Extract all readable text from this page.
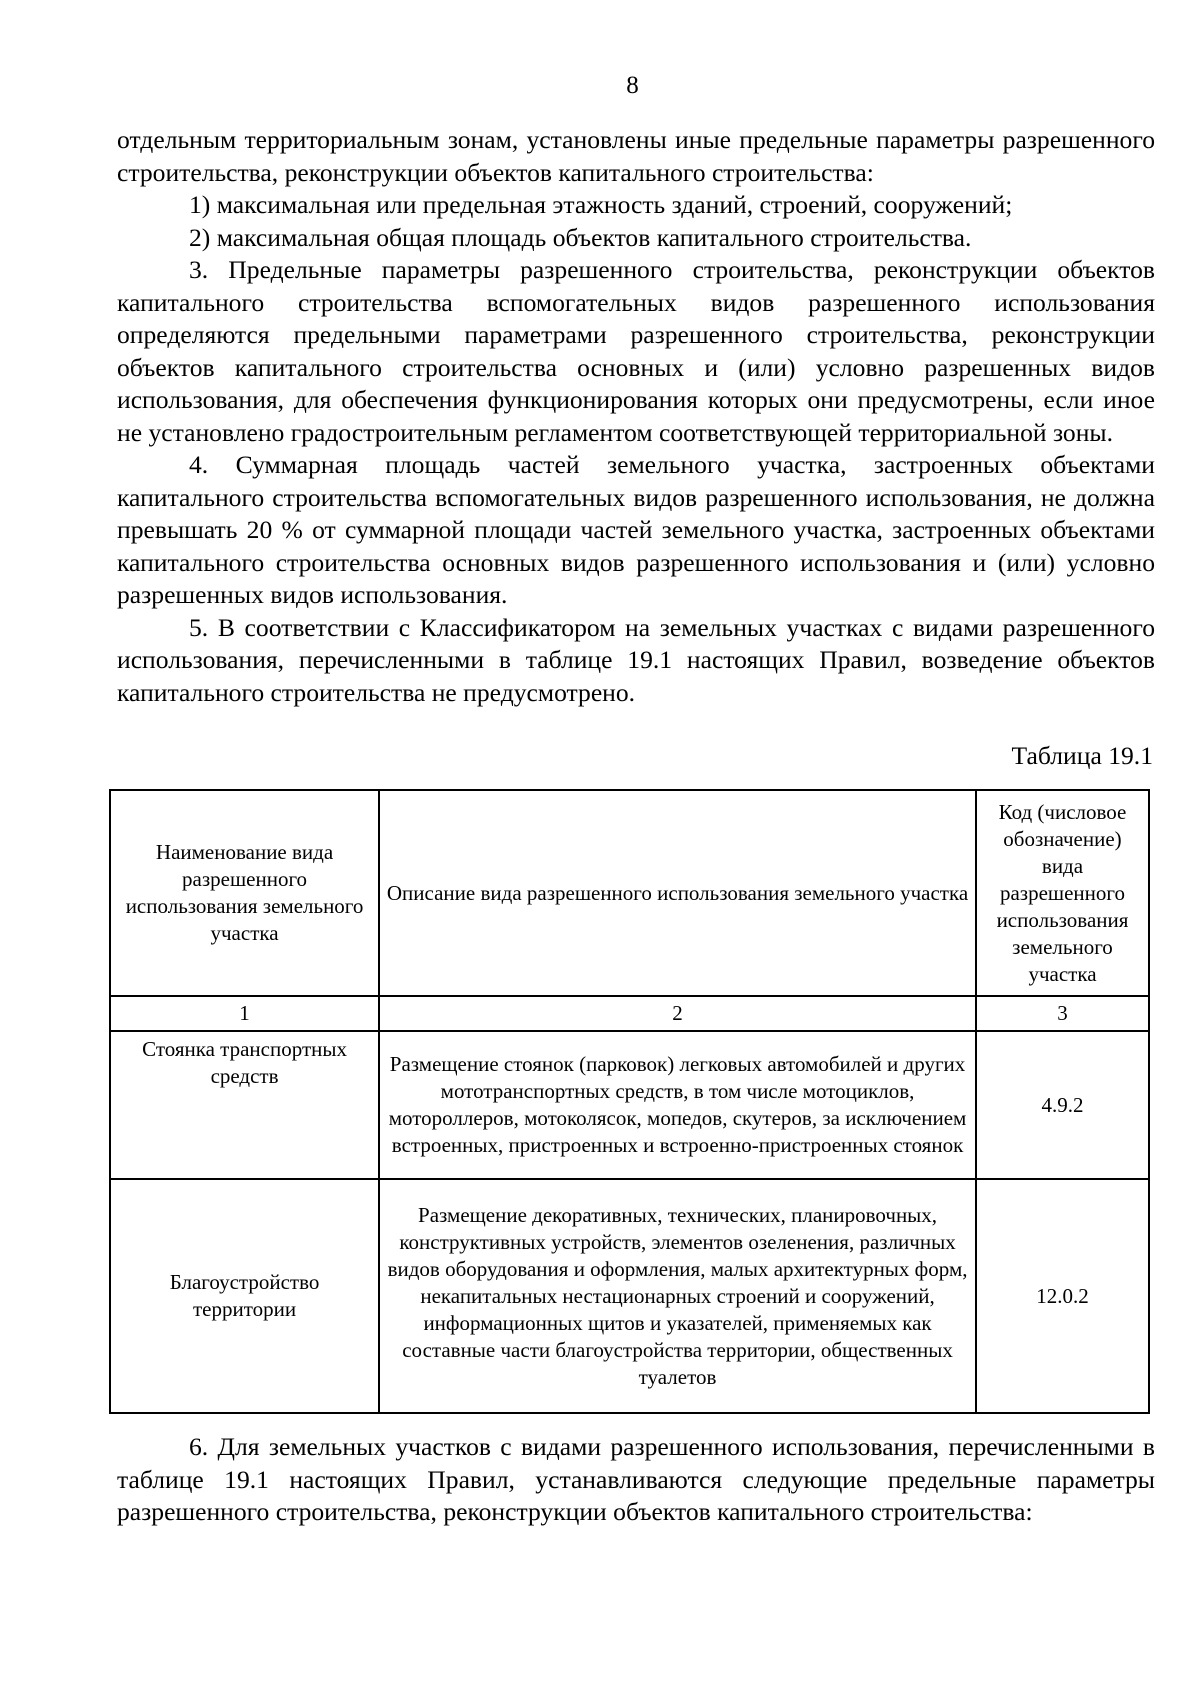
8

отдельным территориальным зонам, установлены иные предельные параметры разрешенного строительства, реконструкции объектов капитального строительства:

1) максимальная или предельная этажность зданий, строений, сооружений;

2) максимальная общая площадь объектов капитального строительства.

3. Предельные параметры разрешенного строительства, реконструкции объектов капитального строительства вспомогательных видов разрешенного использования определяются предельными параметрами разрешенного строительства, реконструкции объектов капитального строительства основных и (или) условно разрешенных видов использования, для обеспечения функционирования которых они предусмотрены, если иное не установлено градостроительным регламентом соответствующей территориальной зоны.

4. Суммарная площадь частей земельного участка, застроенных объектами капитального строительства вспомогательных видов разрешенного использования, не должна превышать 20 % от суммарной площади частей земельного участка, застроенных объектами капитального строительства основных видов разрешенного использования и (или) условно разрешенных видов использования.

5. В соответствии с Классификатором на земельных участках с видами разрешенного использования, перечисленными в таблице 19.1 настоящих Правил, возведение объектов капитального строительства не предусмотрено.

Таблица 19.1
Наименование вида разрешенного использования земельного участка	Описание вида разрешенного использования земельного участка	Код (числовое обозначение) вида разрешенного использования земельного участка
1	2	3
Стоянка транспортных средств	Размещение стоянок (парковок) легковых автомобилей и других мототранспортных средств, в том числе мотоциклов, мотороллеров, мотоколясок, мопедов, скутеров, за исключением встроенных, пристроенных и встроенно-пристроенных стоянок	4.9.2
Благоустройство территории	Размещение декоративных, технических, планировочных, конструктивных устройств, элементов озеленения, различных видов оборудования и оформления, малых архитектурных форм, некапитальных нестационарных строений и сооружений, информационных щитов и указателей, применяемых как составные части благоустройства территории, общественных туалетов	12.0.2

6. Для земельных участков с видами разрешенного использования, перечисленными в таблице 19.1 настоящих Правил, устанавливаются следующие предельные параметры разрешенного строительства, реконструкции объектов капитального строительства:
